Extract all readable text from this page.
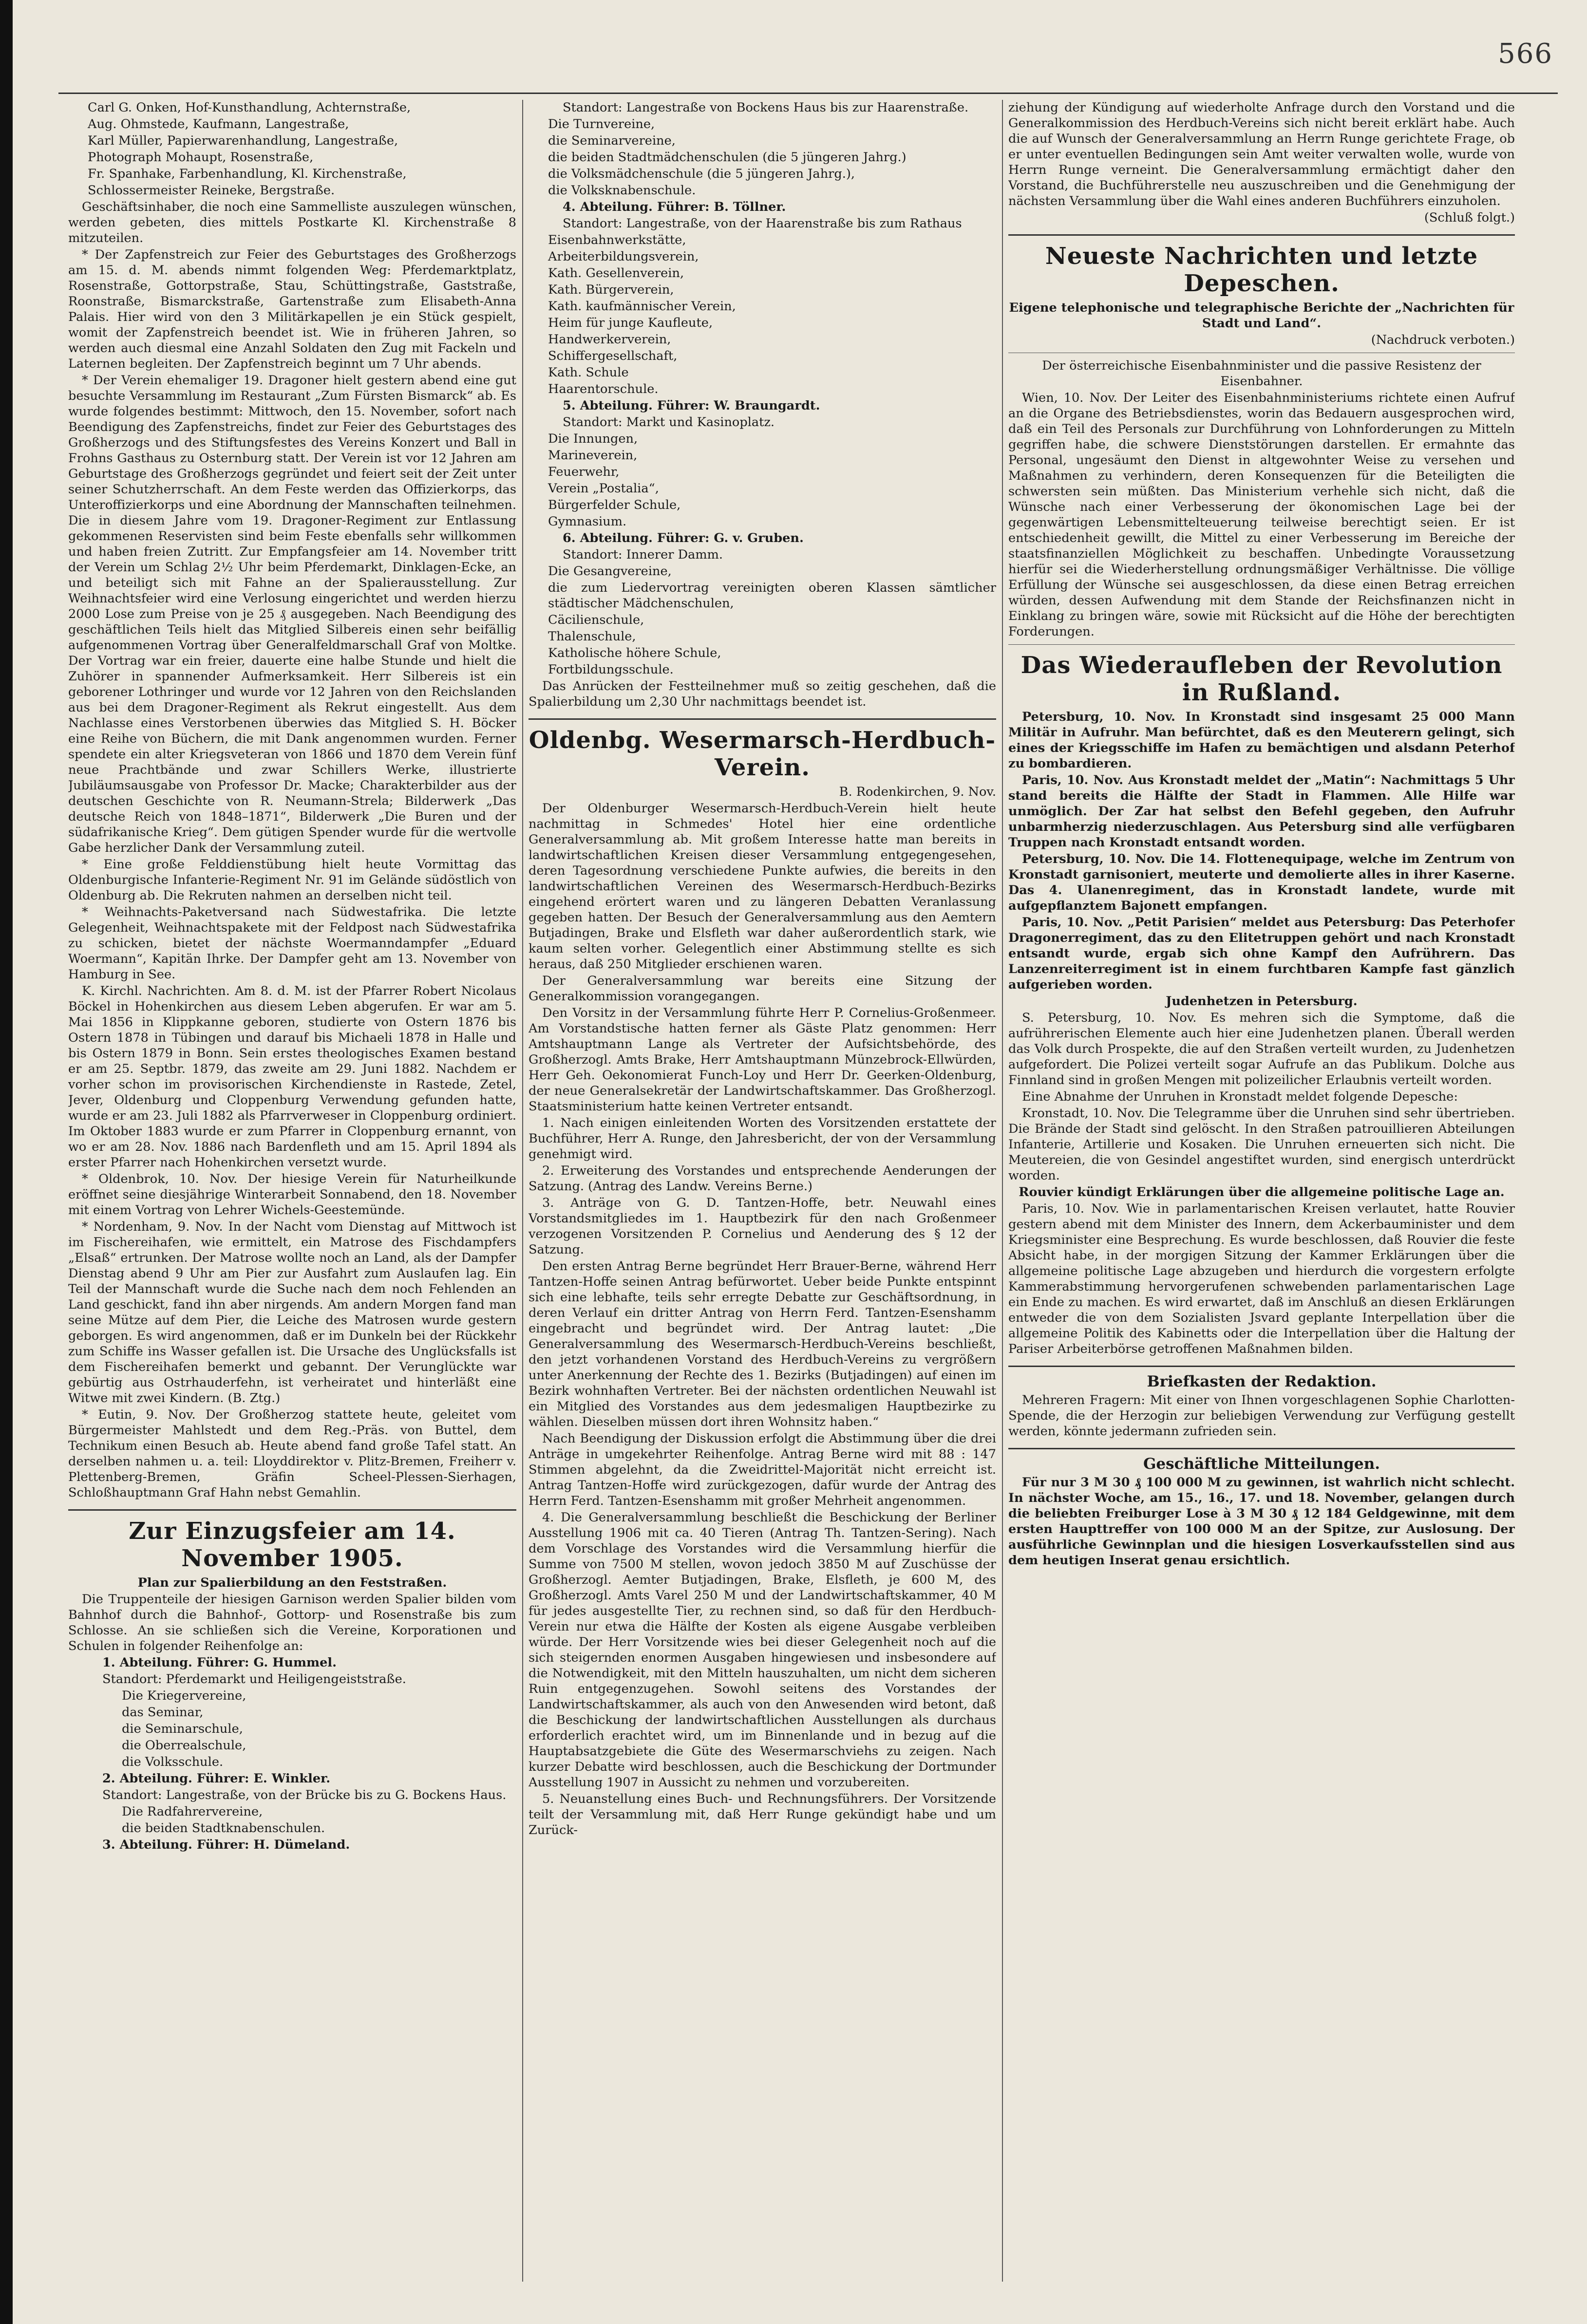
566

Carl G. Onken, Hof-Kunsthandlung, Achternstraße,

Aug. Ohmstede, Kaufmann, Langestraße,

Karl Müller, Papierwarenhandlung, Langestraße,

Photograph Mohaupt, Rosenstraße,

Fr. Spanhake, Farbenhandlung, Kl. Kirchenstraße,

Schlossermeister Reineke, Bergstraße.

Geschäftsinhaber, die noch eine Sammelliste auszulegen wünschen, werden gebeten, dies mittels Postkarte Kl. Kirchenstraße 8 mitzuteilen.

* Der Zapfenstreich zur Feier des Geburtstages des Großherzogs am 15. d. M. abends nimmt folgenden Weg: Pferdemarktplatz, Rosenstraße, Gottorpstraße, Stau, Schüttingstraße, Gaststraße, Roonstraße, Bismarckstraße, Gartenstraße zum Elisabeth-Anna Palais. Hier wird von den 3 Militärkapellen je ein Stück gespielt, womit der Zapfenstreich beendet ist. Wie in früheren Jahren, so werden auch diesmal eine Anzahl Soldaten den Zug mit Fackeln und Laternen begleiten. Der Zapfenstreich beginnt um 7 Uhr abends.

* Der Verein ehemaliger 19. Dragoner hielt gestern abend eine gut besuchte Versammlung im Restaurant „Zum Fürsten Bismarck“ ab. Es wurde folgendes bestimmt: Mittwoch, den 15. November, sofort nach Beendigung des Zapfenstreichs, findet zur Feier des Geburtstages des Großherzogs und des Stiftungsfestes des Vereins Konzert und Ball in Frohns Gasthaus zu Osternburg statt. Der Verein ist vor 12 Jahren am Geburtstage des Großherzogs gegründet und feiert seit der Zeit unter seiner Schutzherrschaft. An dem Feste werden das Offizierkorps, das Unteroffizierkorps und eine Abordnung der Mannschaften teilnehmen. Die in diesem Jahre vom 19. Dragoner-Regiment zur Entlassung gekommenen Reservisten sind beim Feste ebenfalls sehr willkommen und haben freien Zutritt. Zur Empfangsfeier am 14. November tritt der Verein um Schlag 2½ Uhr beim Pferdemarkt, Dinklagen-Ecke, an und beteiligt sich mit Fahne an der Spalierausstellung. Zur Weihnachtsfeier wird eine Verlosung eingerichtet und werden hierzu 2000 Lose zum Preise von je 25 ₰ ausgegeben. Nach Beendigung des geschäftlichen Teils hielt das Mitglied Silbereis einen sehr beifällig aufgenommenen Vortrag über Generalfeldmarschall Graf von Moltke. Der Vortrag war ein freier, dauerte eine halbe Stunde und hielt die Zuhörer in spannender Aufmerksamkeit. Herr Silbereis ist ein geborener Lothringer und wurde vor 12 Jahren von den Reichslanden aus bei dem Dragoner-Regiment als Rekrut eingestellt. Aus dem Nachlasse eines Verstorbenen überwies das Mitglied S. H. Böcker eine Reihe von Büchern, die mit Dank angenommen wurden. Ferner spendete ein alter Kriegsveteran von 1866 und 1870 dem Verein fünf neue Prachtbände und zwar Schillers Werke, illustrierte Jubiläumsausgabe von Professor Dr. Macke; Charakterbilder aus der deutschen Geschichte von R. Neumann-Strela; Bilderwerk „Das deutsche Reich von 1848–1871“, Bilderwerk „Die Buren und der südafrikanische Krieg“. Dem gütigen Spender wurde für die wertvolle Gabe herzlicher Dank der Versammlung zuteil.

* Eine große Felddienstübung hielt heute Vormittag das Oldenburgische Infanterie-Regiment Nr. 91 im Gelände südöstlich von Oldenburg ab. Die Rekruten nahmen an derselben nicht teil.

* Weihnachts-Paketversand nach Südwestafrika. Die letzte Gelegenheit, Weihnachtspakete mit der Feldpost nach Südwestafrika zu schicken, bietet der nächste Woermanndampfer „Eduard Woermann“, Kapitän Ihrke. Der Dampfer geht am 13. November von Hamburg in See.

K. Kirchl. Nachrichten. Am 8. d. M. ist der Pfarrer Robert Nicolaus Böckel in Hohenkirchen aus diesem Leben abgerufen. Er war am 5. Mai 1856 in Klippkanne geboren, studierte von Ostern 1876 bis Ostern 1878 in Tübingen und darauf bis Michaeli 1878 in Halle und bis Ostern 1879 in Bonn. Sein erstes theologisches Examen bestand er am 25. Septbr. 1879, das zweite am 29. Juni 1882. Nachdem er vorher schon im provisorischen Kirchendienste in Rastede, Zetel, Jever, Oldenburg und Cloppenburg Verwendung gefunden hatte, wurde er am 23. Juli 1882 als Pfarrverweser in Cloppenburg ordiniert. Im Oktober 1883 wurde er zum Pfarrer in Cloppenburg ernannt, von wo er am 28. Nov. 1886 nach Bardenfleth und am 15. April 1894 als erster Pfarrer nach Hohenkirchen versetzt wurde.

* Oldenbrok, 10. Nov. Der hiesige Verein für Naturheilkunde eröffnet seine diesjährige Winterarbeit Sonnabend, den 18. November mit einem Vortrag von Lehrer Wichels-Geestemünde.

* Nordenham, 9. Nov. In der Nacht vom Dienstag auf Mittwoch ist im Fischereihafen, wie ermittelt, ein Matrose des Fischdampfers „Elsaß“ ertrunken. Der Matrose wollte noch an Land, als der Dampfer Dienstag abend 9 Uhr am Pier zur Ausfahrt zum Auslaufen lag. Ein Teil der Mannschaft wurde die Suche nach dem noch Fehlenden an Land geschickt, fand ihn aber nirgends. Am andern Morgen fand man seine Mütze auf dem Pier, die Leiche des Matrosen wurde gestern geborgen. Es wird angenommen, daß er im Dunkeln bei der Rückkehr zum Schiffe ins Wasser gefallen ist. Die Ursache des Unglücksfalls ist dem Fischereihafen bemerkt und gebannt. Der Verunglückte war gebürtig aus Ostrhauderfehn, ist verheiratet und hinterläßt eine Witwe mit zwei Kindern. (B. Ztg.)

* Eutin, 9. Nov. Der Großherzog stattete heute, geleitet vom Bürgermeister Mahlstedt und dem Reg.-Präs. von Buttel, dem Technikum einen Besuch ab. Heute abend fand große Tafel statt. An derselben nahmen u. a. teil: Lloyddirektor v. Plitz-Bremen, Freiherr v. Plettenberg-Bremen, Gräfin Scheel-Plessen-Sierhagen, Schloßhauptmann Graf Hahn nebst Gemahlin.

Zur Einzugsfeier am 14. November 1905.

Plan zur Spalierbildung an den Feststraßen.

Die Truppenteile der hiesigen Garnison werden Spalier bilden vom Bahnhof durch die Bahnhof-, Gottorp- und Rosenstraße bis zum Schlosse. An sie schließen sich die Vereine, Korporationen und Schulen in folgender Reihenfolge an:

1. Abteilung. Führer: G. Hummel.

Standort: Pferdemarkt und Heiligengeiststraße.

Die Kriegervereine,

das Seminar,

die Seminarschule,

die Oberrealschule,

die Volksschule.

2. Abteilung. Führer: E. Winkler.

Standort: Langestraße, von der Brücke bis zu G. Bockens Haus.

Die Radfahrervereine,

die beiden Stadtknabenschulen.

3. Abteilung. Führer: H. Dümeland.

Standort: Langestraße von Bockens Haus bis zur Haarenstraße.

Die Turnvereine,

die Seminarvereine,

die beiden Stadtmädchenschulen (die 5 jüngeren Jahrg.)

die Volksmädchenschule (die 5 jüngeren Jahrg.),

die Volksknabenschule.

4. Abteilung. Führer: B. Töllner.

Standort: Langestraße, von der Haarenstraße bis zum Rathaus

Eisenbahnwerkstätte,

Arbeiterbildungsverein,

Kath. Gesellenverein,

Kath. Bürgerverein,

Kath. kaufmännischer Verein,

Heim für junge Kaufleute,

Handwerkerverein,

Schiffergesellschaft,

Kath. Schule

Haarentorschule.

5. Abteilung. Führer: W. Braungardt.

Standort: Markt und Kasinoplatz.

Die Innungen,

Marineverein,

Feuerwehr,

Verein „Postalia“,

Bürgerfelder Schule,

Gymnasium.

6. Abteilung. Führer: G. v. Gruben.

Standort: Innerer Damm.

Die Gesangvereine,

die zum Liedervortrag vereinigten oberen Klassen sämtlicher städtischer Mädchenschulen,

Cäcilienschule,

Thalenschule,

Katholische höhere Schule,

Fortbildungsschule.

Das Anrücken der Festteilnehmer muß so zeitig geschehen, daß die Spalierbildung um 2,30 Uhr nachmittags beendet ist.

Oldenbg. Wesermarsch-Herdbuch-Verein.

B. Rodenkirchen, 9. Nov.

Der Oldenburger Wesermarsch-Herdbuch-Verein hielt heute nachmittag in Schmedes' Hotel hier eine ordentliche Generalversammlung ab. Mit großem Interesse hatte man bereits in landwirtschaftlichen Kreisen dieser Versammlung entgegengesehen, deren Tagesordnung verschiedene Punkte aufwies, die bereits in den landwirtschaftlichen Vereinen des Wesermarsch-Herdbuch-Bezirks eingehend erörtert waren und zu längeren Debatten Veranlassung gegeben hatten. Der Besuch der Generalversammlung aus den Aemtern Butjadingen, Brake und Elsfleth war daher außerordentlich stark, wie kaum selten vorher. Gelegentlich einer Abstimmung stellte es sich heraus, daß 250 Mitglieder erschienen waren.

Der Generalversammlung war bereits eine Sitzung der Generalkommission vorangegangen.

Den Vorsitz in der Versammlung führte Herr P. Cornelius-Großenmeer. Am Vorstandstische hatten ferner als Gäste Platz genommen: Herr Amtshauptmann Lange als Vertreter der Aufsichtsbehörde, des Großherzogl. Amts Brake, Herr Amtshauptmann Münzebrock-Ellwürden, Herr Geh. Oekonomierat Funch-Loy und Herr Dr. Geerken-Oldenburg, der neue Generalsekretär der Landwirtschaftskammer. Das Großherzogl. Staatsministerium hatte keinen Vertreter entsandt.

1. Nach einigen einleitenden Worten des Vorsitzenden erstattete der Buchführer, Herr A. Runge, den Jahresbericht, der von der Versammlung genehmigt wird.

2. Erweiterung des Vorstandes und entsprechende Aenderungen der Satzung. (Antrag des Landw. Vereins Berne.)

3. Anträge von G. D. Tantzen-Hoffe, betr. Neuwahl eines Vorstandsmitgliedes im 1. Hauptbezirk für den nach Großenmeer verzogenen Vorsitzenden P. Cornelius und Aenderung des § 12 der Satzung.

Den ersten Antrag Berne begründet Herr Brauer-Berne, während Herr Tantzen-Hoffe seinen Antrag befürwortet. Ueber beide Punkte entspinnt sich eine lebhafte, teils sehr erregte Debatte zur Geschäftsordnung, in deren Verlauf ein dritter Antrag von Herrn Ferd. Tantzen-Esenshamm eingebracht und begründet wird. Der Antrag lautet: „Die Generalversammlung des Wesermarsch-Herdbuch-Vereins beschließt, den jetzt vorhandenen Vorstand des Herdbuch-Vereins zu vergrößern unter Anerkennung der Rechte des 1. Bezirks (Butjadingen) auf einen im Bezirk wohnhaften Vertreter. Bei der nächsten ordentlichen Neuwahl ist ein Mitglied des Vorstandes aus dem jedesmaligen Hauptbezirke zu wählen. Dieselben müssen dort ihren Wohnsitz haben.“

Nach Beendigung der Diskussion erfolgt die Abstimmung über die drei Anträge in umgekehrter Reihenfolge. Antrag Berne wird mit 88 : 147 Stimmen abgelehnt, da die Zweidrittel-Majorität nicht erreicht ist. Antrag Tantzen-Hoffe wird zurückgezogen, dafür wurde der Antrag des Herrn Ferd. Tantzen-Esenshamm mit großer Mehrheit angenommen.

4. Die Generalversammlung beschließt die Beschickung der Berliner Ausstellung 1906 mit ca. 40 Tieren (Antrag Th. Tantzen-Sering). Nach dem Vorschlage des Vorstandes wird die Versammlung hierfür die Summe von 7500 M stellen, wovon jedoch 3850 M auf Zuschüsse der Großherzogl. Aemter Butjadingen, Brake, Elsfleth, je 600 M, des Großherzogl. Amts Varel 250 M und der Landwirtschaftskammer, 40 M für jedes ausgestellte Tier, zu rechnen sind, so daß für den Herdbuch-Verein nur etwa die Hälfte der Kosten als eigene Ausgabe verbleiben würde. Der Herr Vorsitzende wies bei dieser Gelegenheit noch auf die sich steigernden enormen Ausgaben hingewiesen und insbesondere auf die Notwendigkeit, mit den Mitteln hauszuhalten, um nicht dem sicheren Ruin entgegenzugehen. Sowohl seitens des Vorstandes der Landwirtschaftskammer, als auch von den Anwesenden wird betont, daß die Beschickung der landwirtschaftlichen Ausstellungen als durchaus erforderlich erachtet wird, um im Binnenlande und in bezug auf die Hauptabsatzgebiete die Güte des Wesermarschviehs zu zeigen. Nach kurzer Debatte wird beschlossen, auch die Beschickung der Dortmunder Ausstellung 1907 in Aussicht zu nehmen und vorzubereiten.

5. Neuanstellung eines Buch- und Rechnungsführers. Der Vorsitzende teilt der Versammlung mit, daß Herr Runge gekündigt habe und um Zurück-

ziehung der Kündigung auf wiederholte Anfrage durch den Vorstand und die Generalkommission des Herdbuch-Vereins sich nicht bereit erklärt habe. Auch die auf Wunsch der Generalversammlung an Herrn Runge gerichtete Frage, ob er unter eventuellen Bedingungen sein Amt weiter verwalten wolle, wurde von Herrn Runge verneint. Die Generalversammlung ermächtigt daher den Vorstand, die Buchführerstelle neu auszuschreiben und die Genehmigung der nächsten Versammlung über die Wahl eines anderen Buchführers einzuholen.

(Schluß folgt.)

Neueste Nachrichten und letzte Depeschen.

Eigene telephonische und telegraphische Berichte der „Nachrichten für Stadt und Land“.

(Nachdruck verboten.)

Der österreichische Eisenbahnminister und die passive Resistenz der Eisenbahner.

Wien, 10. Nov. Der Leiter des Eisenbahnministeriums richtete einen Aufruf an die Organe des Betriebsdienstes, worin das Bedauern ausgesprochen wird, daß ein Teil des Personals zur Durchführung von Lohnforderungen zu Mitteln gegriffen habe, die schwere Dienststörungen darstellen. Er ermahnte das Personal, ungesäumt den Dienst in altgewohnter Weise zu versehen und Maßnahmen zu verhindern, deren Konsequenzen für die Beteiligten die schwersten sein müßten. Das Ministerium verhehle sich nicht, daß die Wünsche nach einer Verbesserung der ökonomischen Lage bei der gegenwärtigen Lebensmittelteuerung teilweise berechtigt seien. Er ist entschiedenheit gewillt, die Mittel zu einer Verbesserung im Bereiche der staatsfinanziellen Möglichkeit zu beschaffen. Unbedingte Voraussetzung hierfür sei die Wiederherstellung ordnungsmäßiger Verhältnisse. Die völlige Erfüllung der Wünsche sei ausgeschlossen, da diese einen Betrag erreichen würden, dessen Aufwendung mit dem Stande der Reichsfinanzen nicht in Einklang zu bringen wäre, sowie mit Rücksicht auf die Höhe der berechtigten Forderungen.

Das Wiederaufleben der Revolution in Rußland.

Petersburg, 10. Nov. In Kronstadt sind insgesamt 25 000 Mann Militär in Aufruhr. Man befürchtet, daß es den Meuterern gelingt, sich eines der Kriegsschiffe im Hafen zu bemächtigen und alsdann Peterhof zu bombardieren.

Paris, 10. Nov. Aus Kronstadt meldet der „Matin“: Nachmittags 5 Uhr stand bereits die Hälfte der Stadt in Flammen. Alle Hilfe war unmöglich. Der Zar hat selbst den Befehl gegeben, den Aufruhr unbarmherzig niederzuschlagen. Aus Petersburg sind alle verfügbaren Truppen nach Kronstadt entsandt worden.

Petersburg, 10. Nov. Die 14. Flottenequipage, welche im Zentrum von Kronstadt garnisoniert, meuterte und demolierte alles in ihrer Kaserne. Das 4. Ulanenregiment, das in Kronstadt landete, wurde mit aufgepflanztem Bajonett empfangen.

Paris, 10. Nov. „Petit Parisien“ meldet aus Petersburg: Das Peterhofer Dragonerregiment, das zu den Elitetruppen gehört und nach Kronstadt entsandt wurde, ergab sich ohne Kampf den Aufrührern. Das Lanzenreiterregiment ist in einem furchtbaren Kampfe fast gänzlich aufgerieben worden.

Judenhetzen in Petersburg.

S. Petersburg, 10. Nov. Es mehren sich die Symptome, daß die aufrührerischen Elemente auch hier eine Judenhetzen planen. Überall werden das Volk durch Prospekte, die auf den Straßen verteilt wurden, zu Judenhetzen aufgefordert. Die Polizei verteilt sogar Aufrufe an das Publikum. Dolche aus Finnland sind in großen Mengen mit polizeilicher Erlaubnis verteilt worden.

Eine Abnahme der Unruhen in Kronstadt meldet folgende Depesche:

Kronstadt, 10. Nov. Die Telegramme über die Unruhen sind sehr übertrieben. Die Brände der Stadt sind gelöscht. In den Straßen patrouillieren Abteilungen Infanterie, Artillerie und Kosaken. Die Unruhen erneuerten sich nicht. Die Meutereien, die von Gesindel angestiftet wurden, sind energisch unterdrückt worden.

Rouvier kündigt Erklärungen über die allgemeine politische Lage an.

Paris, 10. Nov. Wie in parlamentarischen Kreisen verlautet, hatte Rouvier gestern abend mit dem Minister des Innern, dem Ackerbauminister und dem Kriegsminister eine Besprechung. Es wurde beschlossen, daß Rouvier die feste Absicht habe, in der morgigen Sitzung der Kammer Erklärungen über die allgemeine politische Lage abzugeben und hierdurch die vorgestern erfolgte Kammerabstimmung hervorgerufenen schwebenden parlamentarischen Lage ein Ende zu machen. Es wird erwartet, daß im Anschluß an diesen Erklärungen entweder die von dem Sozialisten Jsvard geplante Interpellation über die allgemeine Politik des Kabinetts oder die Interpellation über die Haltung der Pariser Arbeiterbörse getroffenen Maßnahmen bilden.

Briefkasten der Redaktion.

Mehreren Fragern: Mit einer von Ihnen vorgeschlagenen Sophie Charlotten-Spende, die der Herzogin zur beliebigen Verwendung zur Verfügung gestellt werden, könnte jedermann zufrieden sein.

Geschäftliche Mitteilungen.

Für nur 3 M 30 ₰ 100 000 M zu gewinnen, ist wahrlich nicht schlecht. In nächster Woche, am 15., 16., 17. und 18. November, gelangen durch die beliebten Freiburger Lose à 3 M 30 ₰ 12 184 Geldgewinne, mit dem ersten Haupttreffer von 100 000 M an der Spitze, zur Auslosung. Der ausführliche Gewinnplan und die hiesigen Losverkaufsstellen sind aus dem heutigen Inserat genau ersichtlich.
